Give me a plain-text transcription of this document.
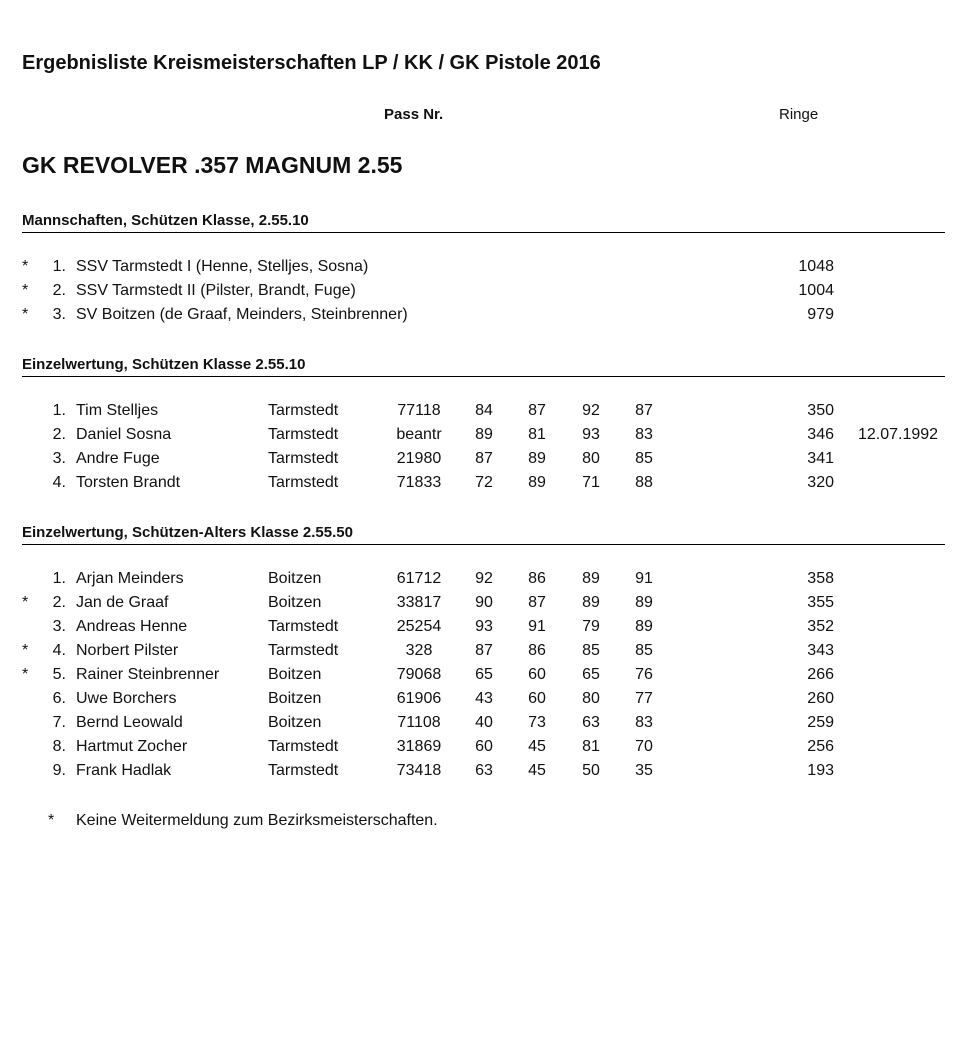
Ergebnisliste Kreismeisterschaften LP / KK / GK Pistole 2016
Pass Nr.	Ringe
GK REVOLVER .357 MAGNUM 2.55
Mannschaften, Schützen Klasse, 2.55.10
*	1. SSV Tarmstedt I (Henne, Stelljes, Sosna)	1048
*	2. SSV Tarmstedt II (Pilster, Brandt, Fuge)	1004
*	3. SV Boitzen (de Graaf, Meinders, Steinbrenner)	979
Einzelwertung, Schützen Klasse 2.55.10
1. Tim Stelljes	Tarmstedt	77118	84	87	92	87	350
2. Daniel Sosna	Tarmstedt	beantr	89	81	93	83	346 12.07.1992
3. Andre Fuge	Tarmstedt	21980	87	89	80	85	341
4. Torsten Brandt	Tarmstedt	71833	72	89	71	88	320
Einzelwertung, Schützen-Alters Klasse 2.55.50
1. Arjan Meinders	Boitzen	61712	92	86	89	91	358
*	2. Jan de Graaf	Boitzen	33817	90	87	89	89	355
3. Andreas Henne	Tarmstedt	25254	93	91	79	89	352
*	4. Norbert Pilster	Tarmstedt	328	87	86	85	85	343
*	5. Rainer Steinbrenner	Boitzen	79068	65	60	65	76	266
6. Uwe Borchers	Boitzen	61906	43	60	80	77	260
7. Bernd Leowald	Boitzen	71108	40	73	63	83	259
8. Hartmut Zocher	Tarmstedt	31869	60	45	81	70	256
9. Frank Hadlak	Tarmstedt	73418	63	45	50	35	193
* Keine Weitermeldung zum Bezirksmeisterschaften.
